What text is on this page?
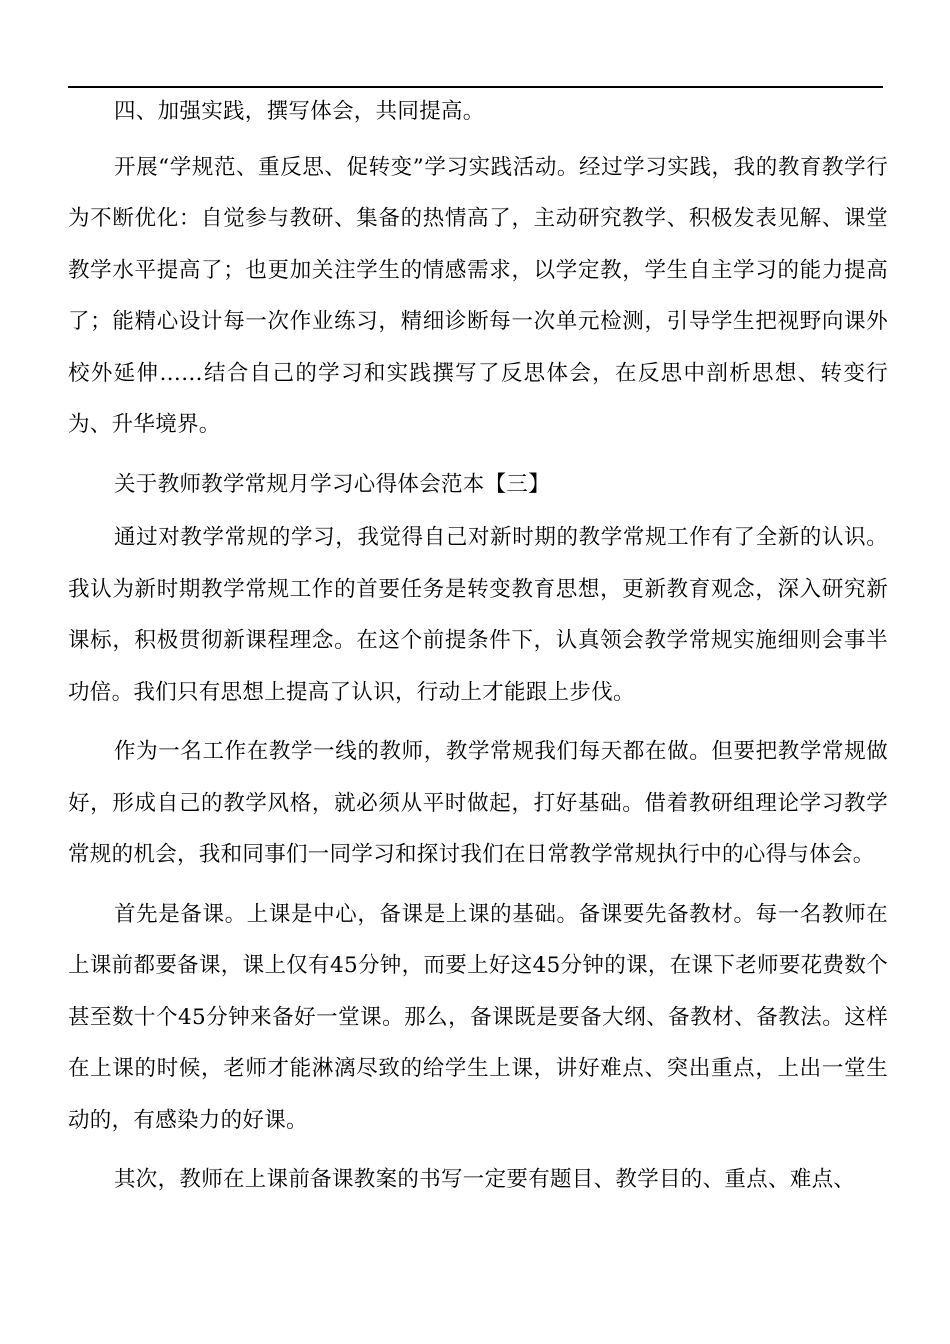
四、加强实践，撰写体会，共同提高。

开展“学规范、重反思、促转变”学习实践活动。经过学习实践，我的教育教学行为不断优化：自觉参与教研、集备的热情高了，主动研究教学、积极发表见解、课堂教学水平提高了；也更加关注学生的情感需求，以学定教，学生自主学习的能力提高了；能精心设计每一次作业练习，精细诊断每一次单元检测，引导学生把视野向课外校外延伸……结合自己的学习和实践撰写了反思体会，在反思中剖析思想、转变行为、升华境界。

关于教师教学常规月学习心得体会范本【三】

通过对教学常规的学习，我觉得自己对新时期的教学常规工作有了全新的认识。我认为新时期教学常规工作的首要任务是转变教育思想，更新教育观念，深入研究新课标，积极贯彻新课程理念。在这个前提条件下，认真领会教学常规实施细则会事半功倍。我们只有思想上提高了认识，行动上才能跟上步伐。

作为一名工作在教学一线的教师，教学常规我们每天都在做。但要把教学常规做好，形成自己的教学风格，就必须从平时做起，打好基础。借着教研组理论学习教学常规的机会，我和同事们一同学习和探讨我们在日常教学常规执行中的心得与体会。

首先是备课。上课是中心，备课是上课的基础。备课要先备教材。每一名教师在上课前都要备课，课上仅有45分钟，而要上好这45分钟的课，在课下老师要花费数个甚至数十个45分钟来备好一堂课。那么，备课既是要备大纲、备教材、备教法。这样在上课的时候，老师才能淋漓尽致的给学生上课，讲好难点、突出重点，上出一堂生动的，有感染力的好课。

其次，教师在上课前备课教案的书写一定要有题目、教学目的、重点、难点、
